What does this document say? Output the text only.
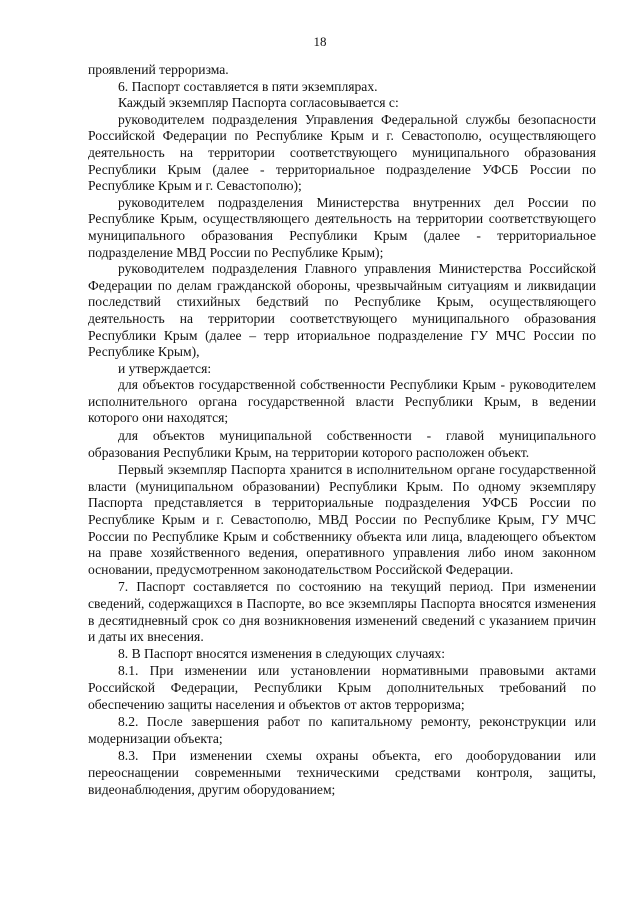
18

проявлений терроризма.

6. Паспорт составляется в пяти экземплярах.

Каждый экземпляр Паспорта согласовывается с:

руководителем подразделения Управления Федеральной службы безопасности Российской Федерации по Республике Крым и г. Севастополю, осуществляющего деятельность на территории соответствующего муниципального образования Республики Крым (далее - территориальное подразделение УФСБ России по Республике Крым и г. Севастополю);

руководителем подразделения Министерства внутренних дел России по Республике Крым, осуществляющего деятельность на территории соответствующего муниципального образования Республики Крым (далее - территориальное подразделение МВД России по Республике Крым);

руководителем подразделения Главного управления Министерства Российской Федерации по делам гражданской обороны, чрезвычайным ситуациям и ликвидации последствий стихийных бедствий по Республике Крым, осуществляющего деятельность на территории соответствующего муниципального образования Республики Крым (далее – терр иториальное подразделение ГУ МЧС России по Республике Крым),

и утверждается:

для объектов государственной собственности Республики Крым - руководителем исполнительного органа государственной власти Республики Крым, в ведении которого они находятся;

для объектов муниципальной собственности - главой муниципального образования Республики Крым, на территории которого расположен объект.

Первый экземпляр Паспорта хранится в исполнительном органе государственной власти (муниципальном образовании) Республики Крым. По одному экземпляру Паспорта представляется в территориальные подразделения УФСБ России по Республике Крым и г. Севастополю, МВД России по Республике Крым, ГУ МЧС России по Республике Крым и собственнику объекта или лица, владеющего объектом на праве хозяйственного ведения, оперативного управления либо ином законном основании, предусмотренном законодательством Российской Федерации.

7. Паспорт составляется по состоянию на текущий период. При изменении сведений, содержащихся в Паспорте, во все экземпляры Паспорта вносятся изменения в десятидневный срок со дня возникновения изменений сведений с указанием причин и даты их внесения.

8. В Паспорт вносятся изменения в следующих случаях:

8.1. При изменении или установлении нормативными правовыми актами Российской Федерации, Республики Крым дополнительных требований по обеспечению защиты населения и объектов от актов терроризма;

8.2. После завершения работ по капитальному ремонту, реконструкции или модернизации объекта;

8.3. При изменении схемы охраны объекта, его дооборудовании или переоснащении современными техническими средствами контроля, защиты, видеонаблюдения, другим оборудованием;
